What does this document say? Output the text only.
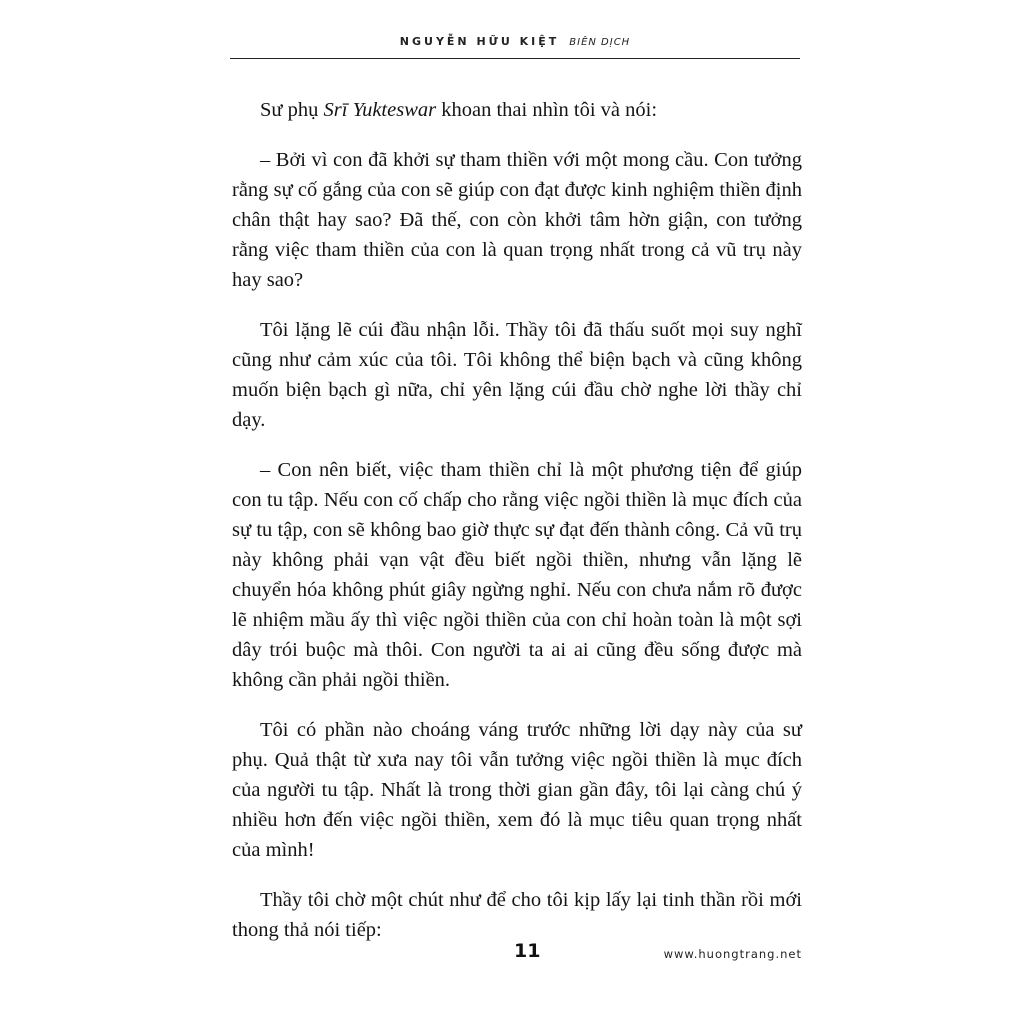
NGUYỄN HỮU KIỆT BIÊN DỊCH

Sư phụ Srī Yukteswar khoan thai nhìn tôi và nói:

– Bởi vì con đã khởi sự tham thiền với một mong cầu. Con tưởng rằng sự cố gắng của con sẽ giúp con đạt được kinh nghiệm thiền định chân thật hay sao? Đã thế, con còn khởi tâm hờn giận, con tưởng rằng việc tham thiền của con là quan trọng nhất trong cả vũ trụ này hay sao?

Tôi lặng lẽ cúi đầu nhận lỗi. Thầy tôi đã thấu suốt mọi suy nghĩ cũng như cảm xúc của tôi. Tôi không thể biện bạch và cũng không muốn biện bạch gì nữa, chỉ yên lặng cúi đầu chờ nghe lời thầy chỉ dạy.

– Con nên biết, việc tham thiền chỉ là một phương tiện để giúp con tu tập. Nếu con cố chấp cho rằng việc ngồi thiền là mục đích của sự tu tập, con sẽ không bao giờ thực sự đạt đến thành công. Cả vũ trụ này không phải vạn vật đều biết ngồi thiền, nhưng vẫn lặng lẽ chuyển hóa không phút giây ngừng nghỉ. Nếu con chưa nắm rõ được lẽ nhiệm mầu ấy thì việc ngồi thiền của con chỉ hoàn toàn là một sợi dây trói buộc mà thôi. Con người ta ai ai cũng đều sống được mà không cần phải ngồi thiền.

Tôi có phần nào choáng váng trước những lời dạy này của sư phụ. Quả thật từ xưa nay tôi vẫn tưởng việc ngồi thiền là mục đích của người tu tập. Nhất là trong thời gian gần đây, tôi lại càng chú ý nhiều hơn đến việc ngồi thiền, xem đó là mục tiêu quan trọng nhất của mình!

Thầy tôi chờ một chút như để cho tôi kịp lấy lại tinh thần rồi mới thong thả nói tiếp:

11	www.huongtrang.net
